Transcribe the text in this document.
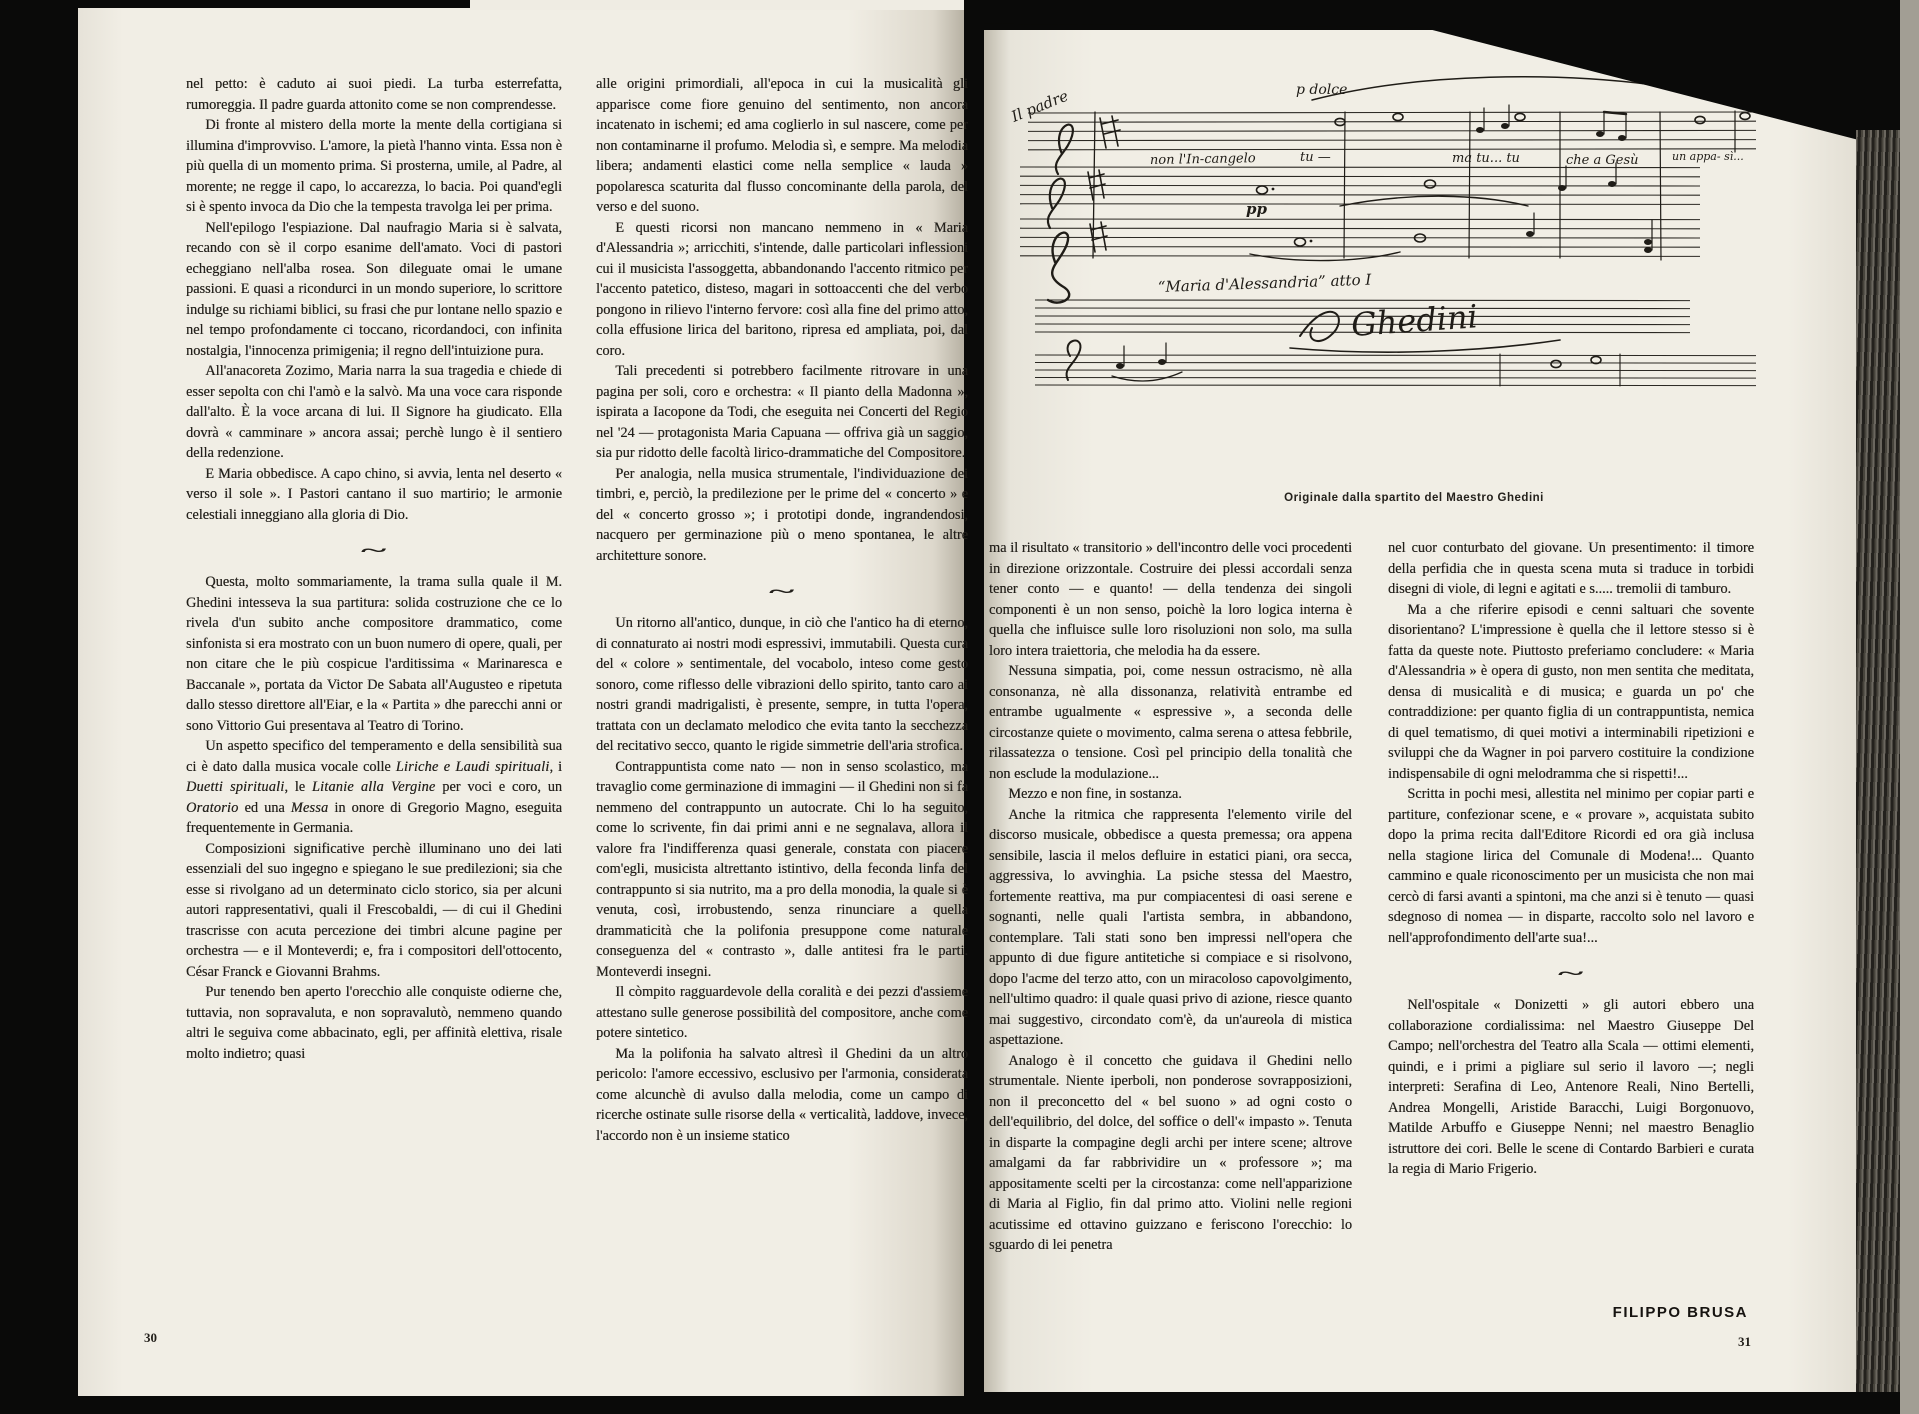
nel petto: è caduto ai suoi piedi. La turba esterrefatta, rumoreggia. Il padre guarda attonito come se non comprendesse.

Di fronte al mistero della morte la mente della cortigiana si illumina d'improvviso. L'amore, la pietà l'hanno vinta. Essa non è più quella di un momento prima. Si prosterna, umile, al Padre, al morente; ne regge il capo, lo accarezza, lo bacia. Poi quand'egli si è spento invoca da Dio che la tempesta travolga lei per prima.

Nell'epilogo l'espiazione. Dal naufragio Maria si è salvata, recando con sè il corpo esanime dell'amato. Voci di pastori echeggiano nell'alba rosea. Son dileguate omai le umane passioni. E quasi a ricondurci in un mondo superiore, lo scrittore indulge su richiami biblici, su frasi che pur lontane nello spazio e nel tempo profondamente ci toccano, ricordandoci, con infinita nostalgia, l'innocenza primigenia; il regno dell'intuizione pura.

All'anacoreta Zozimo, Maria narra la sua tragedia e chiede di esser sepolta con chi l'amò e la salvò. Ma una voce cara risponde dall'alto. È la voce arcana di lui. Il Signore ha giudicato. Ella dovrà « camminare » ancora assai; perchè lungo è il sentiero della redenzione.

E Maria obbedisce. A capo chino, si avvia, lenta nel deserto « verso il sole ». I Pastori cantano il suo martirio; le armonie celestiali inneggiano alla gloria di Dio.

~

Questa, molto sommariamente, la trama sulla quale il M. Ghedini intesseva la sua partitura: solida costruzione che ce lo rivela d'un subito anche compositore drammatico, come sinfonista si era mostrato con un buon numero di opere, quali, per non citare che le più cospicue l'arditissima « Marinaresca e Baccanale », portata da Victor De Sabata all'Augusteo e ripetuta dallo stesso direttore all'Eiar, e la « Partita » dhe parecchi anni or sono Vittorio Gui presentava al Teatro di Torino.

Un aspetto specifico del temperamento e della sensibilità sua ci è dato dalla musica vocale colle Liriche e Laudi spirituali, i Duetti spirituali, le Litanie alla Vergine per voci e coro, un Oratorio ed una Messa in onore di Gregorio Magno, eseguita frequentemente in Germania.

Composizioni significative perchè illuminano uno dei lati essenziali del suo ingegno e spiegano le sue predilezioni; sia che esse si rivolgano ad un determinato ciclo storico, sia per alcuni autori rappresentativi, quali il Frescobaldi, — di cui il Ghedini trascrisse con acuta percezione dei timbri alcune pagine per orchestra — e il Monteverdi; e, fra i compositori dell'ottocento, César Franck e Giovanni Brahms.

Pur tenendo ben aperto l'orecchio alle conquiste odierne che, tuttavia, non sopravaluta, e non sopravalutò, nemmeno quando altri le seguiva come abbacinato, egli, per affinità elettiva, risale molto indietro; quasi

alle origini primordiali, all'epoca in cui la musicalità gli apparisce come fiore genuino del sentimento, non ancora incatenato in ischemi; ed ama coglierlo in sul nascere, come per non contaminarne il profumo. Melodia sì, e sempre. Ma melodia libera; andamenti elastici come nella semplice « lauda » popolaresca scaturita dal flusso concominante della parola, del verso e del suono.

E questi ricorsi non mancano nemmeno in « Maria d'Alessandria »; arricchiti, s'intende, dalle particolari inflessioni cui il musicista l'assoggetta, abbandonando l'accento ritmico per l'accento patetico, disteso, magari in sottoaccenti che del verbo pongono in rilievo l'interno fervore: così alla fine del primo atto, colla effusione lirica del baritono, ripresa ed ampliata, poi, dal coro.

Tali precedenti si potrebbero facilmente ritrovare in una pagina per soli, coro e orchestra: « Il pianto della Madonna », ispirata a Iacopone da Todi, che eseguita nei Concerti del Regio nel '24 — protagonista Maria Capuana — offriva già un saggio, sia pur ridotto delle facoltà lirico-drammatiche del Compositore.

Per analogia, nella musica strumentale, l'individuazione dei timbri, e, perciò, la predilezione per le prime del « concerto » e del « concerto grosso »; i prototipi donde, ingrandendosi, nacquero per germinazione più o meno spontanea, le altre architetture sonore.

~

Un ritorno all'antico, dunque, in ciò che l'antico ha di eterno, di connaturato ai nostri modi espressivi, immutabili. Questa cura del « colore » sentimentale, del vocabolo, inteso come gesto sonoro, come riflesso delle vibrazioni dello spirito, tanto caro ai nostri grandi madrigalisti, è presente, sempre, in tutta l'opera, trattata con un declamato melodico che evita tanto la secchezza del recitativo secco, quanto le rigide simmetrie dell'aria strofica.

Contrappuntista come nato — non in senso scolastico, ma travaglio come germinazione di immagini — il Ghedini non si fa nemmeno del contrappunto un autocrate. Chi lo ha seguito, come lo scrivente, fin dai primi anni e ne segnalava, allora il valore fra l'indifferenza quasi generale, constata con piacere com'egli, musicista altrettanto istintivo, della feconda linfa del contrappunto si sia nutrito, ma a pro della monodia, la quale si è venuta, così, irrobustendo, senza rinunciare a quella drammaticità che la polifonia presuppone come naturale conseguenza del « contrasto », dalle antitesi fra le parti. Monteverdi insegni.

Il còmpito ragguardevole della coralità e dei pezzi d'assieme attestano sulle generose possibilità del compositore, anche come potere sintetico.

Ma la polifonia ha salvato altresì il Ghedini da un altro pericolo: l'amore eccessivo, esclusivo per l'armonia, considerata come alcunchè di avulso dalla melodia, come un campo di ricerche ostinate sulle risorse della « verticalità, laddove, invece, l'accordo non è un insieme statico

30
Il padre	p dolce
pp
non l'In-cangelo	tu —	ma tu... tu	che a Gesù	un appa- sì...
“Maria d'Alessandria” atto I
Ghedini
Originale dalla spartito del Maestro Ghedini

ma il risultato « transitorio » dell'incontro delle voci procedenti in direzione orizzontale. Costruire dei plessi accordali senza tener conto — e quanto! — della tendenza dei singoli componenti è un non senso, poichè la loro logica interna è quella che influisce sulle loro risoluzioni non solo, ma sulla loro intera traiettoria, che melodia ha da essere.

Nessuna simpatia, poi, come nessun ostracismo, nè alla consonanza, nè alla dissonanza, relatività entrambe ed entrambe ugualmente « espressive », a seconda delle circostanze quiete o movimento, calma serena o attesa febbrile, rilassatezza o tensione. Così pel principio della tonalità che non esclude la modulazione...

Mezzo e non fine, in sostanza.

Anche la ritmica che rappresenta l'elemento virile del discorso musicale, obbedisce a questa premessa; ora appena sensibile, lascia il melos defluire in estatici piani, ora secca, aggressiva, lo avvinghia. La psiche stessa del Maestro, fortemente reattiva, ma pur compiacentesi di oasi serene e sognanti, nelle quali l'artista sembra, in abbandono, contemplare. Tali stati sono ben impressi nell'opera che appunto di due figure antitetiche si compiace e si risolvono, dopo l'acme del terzo atto, con un miracoloso capovolgimento, nell'ultimo quadro: il quale quasi privo di azione, riesce quanto mai suggestivo, circondato com'è, da un'aureola di mistica aspettazione.

Analogo è il concetto che guidava il Ghedini nello strumentale. Niente iperboli, non ponderose sovrapposizioni, non il preconcetto del « bel suono » ad ogni costo o dell'equilibrio, del dolce, del soffice o dell'« impasto ». Tenuta in disparte la compagine degli archi per intere scene; altrove amalgami da far rabbrividire un « professore »; ma appositamente scelti per la circostanza: come nell'apparizione di Maria al Figlio, fin dal primo atto. Violini nelle regioni acutissime ed ottavino guizzano e feriscono l'orecchio: lo sguardo di lei penetra

nel cuor conturbato del giovane. Un presentimento: il timore della perfidia che in questa scena muta si traduce in torbidi disegni di viole, di legni e agitati e s..... tremolii di tamburo.

Ma a che riferire episodi e cenni saltuari che sovente disorientano? L'impressione è quella che il lettore stesso si è fatta da queste note. Piuttosto preferiamo concludere: « Maria d'Alessandria » è opera di gusto, non men sentita che meditata, densa di musicalità e di musica; e guarda un po' che contraddizione: per quanto figlia di un contrappuntista, nemica di quel tematismo, di quei motivi a interminabili ripetizioni e sviluppi che da Wagner in poi parvero costituire la condizione indispensabile di ogni melodramma che si rispetti!...

Scritta in pochi mesi, allestita nel minimo per copiar parti e partiture, confezionar scene, e « provare », acquistata subito dopo la prima recita dall'Editore Ricordi ed ora già inclusa nella stagione lirica del Comunale di Modena!... Quanto cammino e quale riconoscimento per un musicista che non mai cercò di farsi avanti a spintoni, ma che anzi si è tenuto — quasi sdegnoso di nomea — in disparte, raccolto solo nel lavoro e nell'approfondimento dell'arte sua!...

~

Nell'ospitale « Donizetti » gli autori ebbero una collaborazione cordialissima: nel Maestro Giuseppe Del Campo; nell'orchestra del Teatro alla Scala — ottimi elementi, quindi, e i primi a pigliare sul serio il lavoro —; negli interpreti: Serafina di Leo, Antenore Reali, Nino Bertelli, Andrea Mongelli, Aristide Baracchi, Luigi Borgonuovo, Matilde Arbuffo e Giuseppe Nenni; nel maestro Benaglio istruttore dei cori. Belle le scene di Contardo Barbieri e curata la regia di Mario Frigerio.

FILIPPO BRUSA
31
